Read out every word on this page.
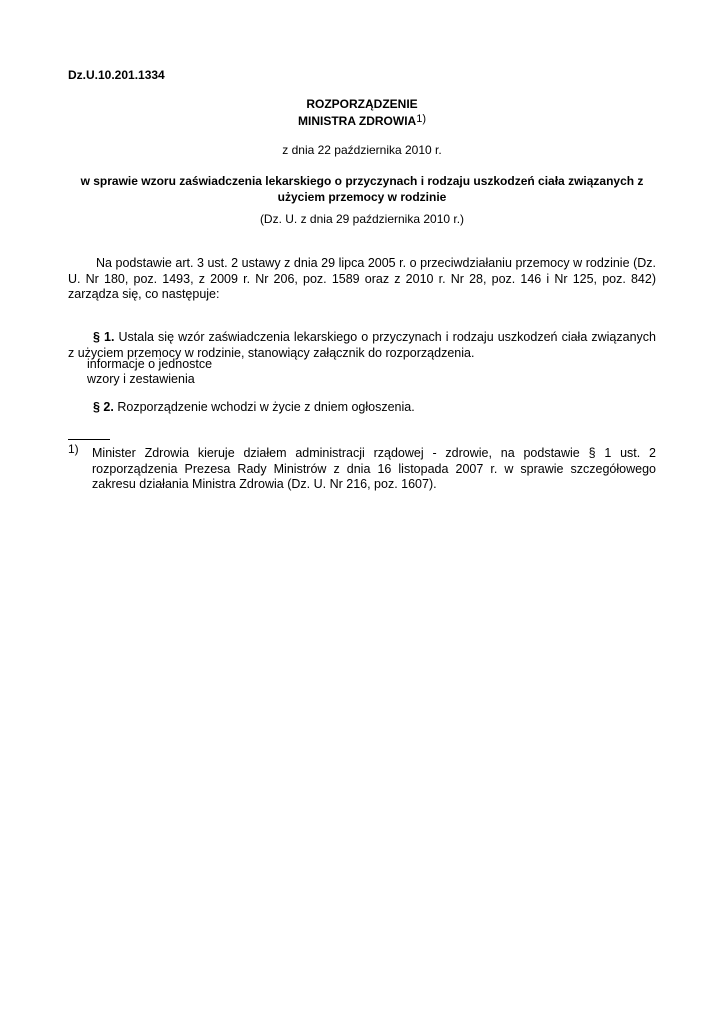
Dz.U.10.201.1334
ROZPORZĄDZENIE
MINISTRA ZDROWIA$^{1)}$
z dnia 22 października 2010 r.
w sprawie wzoru zaświadczenia lekarskiego o przyczynach i rodzaju uszkodzeń ciała związanych z użyciem przemocy w rodzinie
(Dz. U. z dnia 29 października 2010 r.)
Na podstawie art. 3 ust. 2 ustawy z dnia 29 lipca 2005 r. o przeciwdziałaniu przemocy w rodzinie (Dz. U. Nr 180, poz. 1493, z 2009 r. Nr 206, poz. 1589 oraz z 2010 r. Nr 28, poz. 146 i Nr 125, poz. 842) zarządza się, co następuje:
§ 1. Ustala się wzór zaświadczenia lekarskiego o przyczynach i rodzaju uszkodzeń ciała związanych z użyciem przemocy w rodzinie, stanowiący załącznik do rozporządzenia.
informacje o jednostce
wzory i zestawienia
§ 2. Rozporządzenie wchodzi w życie z dniem ogłoszenia.
1) Minister Zdrowia kieruje działem administracji rządowej - zdrowie, na podstawie § 1 ust. 2 rozporządzenia Prezesa Rady Ministrów z dnia 16 listopada 2007 r. w sprawie szczegółowego zakresu działania Ministra Zdrowia (Dz. U. Nr 216, poz. 1607).
